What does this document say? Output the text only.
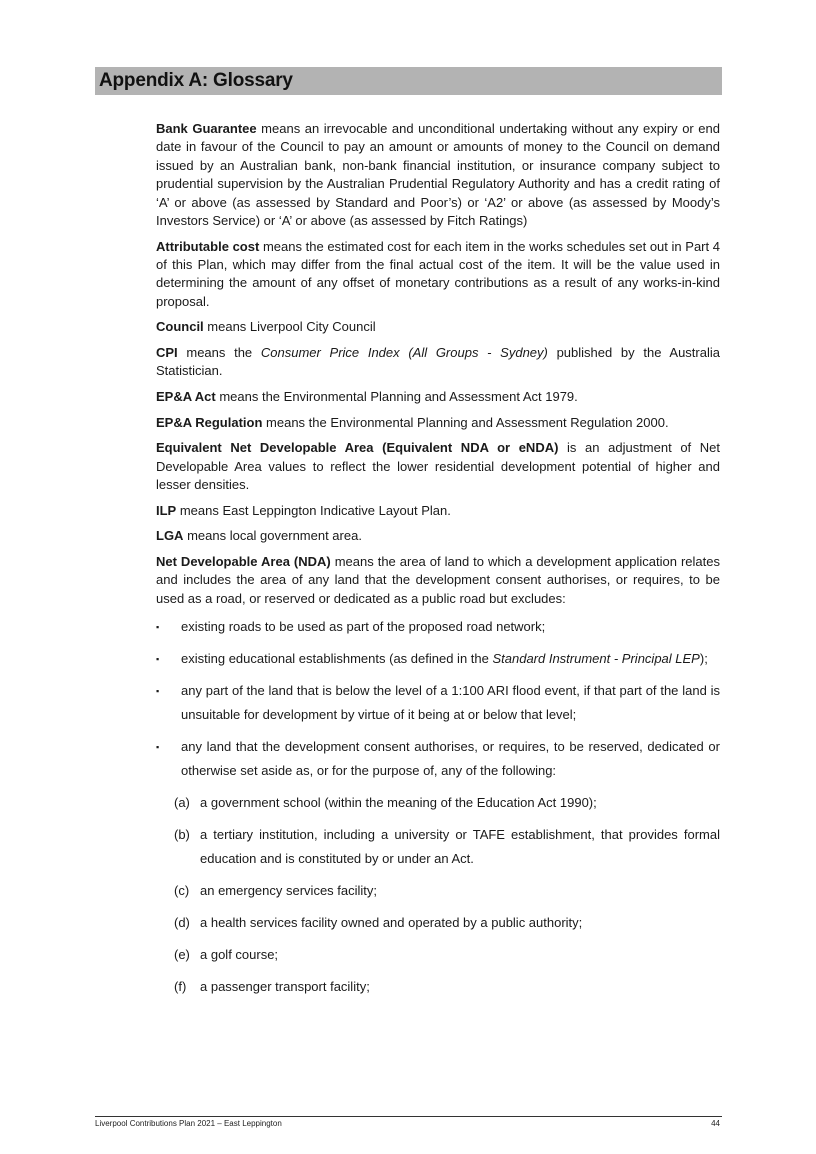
Appendix A: Glossary

Bank Guarantee means an irrevocable and unconditional undertaking without any expiry or end date in favour of the Council to pay an amount or amounts of money to the Council on demand issued by an Australian bank, non-bank financial institution, or insurance company subject to prudential supervision by the Australian Prudential Regulatory Authority and has a credit rating of ‘A’ or above (as assessed by Standard and Poor’s) or ‘A2’ or above (as assessed by Moody’s Investors Service) or ‘A’ or above (as assessed by Fitch Ratings)

Attributable cost means the estimated cost for each item in the works schedules set out in Part 4 of this Plan, which may differ from the final actual cost of the item. It will be the value used in determining the amount of any offset of monetary contributions as a result of any works-in-kind proposal.

Council means Liverpool City Council

CPI means the Consumer Price Index (All Groups - Sydney) published by the Australia Statistician.

EP&A Act means the Environmental Planning and Assessment Act 1979.

EP&A Regulation means the Environmental Planning and Assessment Regulation 2000.

Equivalent Net Developable Area (Equivalent NDA or eNDA) is an adjustment of Net Developable Area values to reflect the lower residential development potential of higher and lesser densities.

ILP means East Leppington Indicative Layout Plan.

LGA means local government area.

Net Developable Area (NDA) means the area of land to which a development application relates and includes the area of any land that the development consent authorises, or requires, to be used as a road, or reserved or dedicated as a public road but excludes:

▪ existing roads to be used as part of the proposed road network;
▪ existing educational establishments (as defined in the Standard Instrument - Principal LEP);
▪ any part of the land that is below the level of a 1:100 ARI flood event, if that part of the land is unsuitable for development by virtue of it being at or below that level;
▪ any land that the development consent authorises, or requires, to be reserved, dedicated or otherwise set aside as, or for the purpose of, any of the following:
(a) a government school (within the meaning of the Education Act 1990);
(b) a tertiary institution, including a university or TAFE establishment, that provides formal education and is constituted by or under an Act.
(c) an emergency services facility;
(d) a health services facility owned and operated by a public authority;
(e) a golf course;
(f) a passenger transport facility;
Liverpool Contributions Plan 2021 – East Leppington	44
